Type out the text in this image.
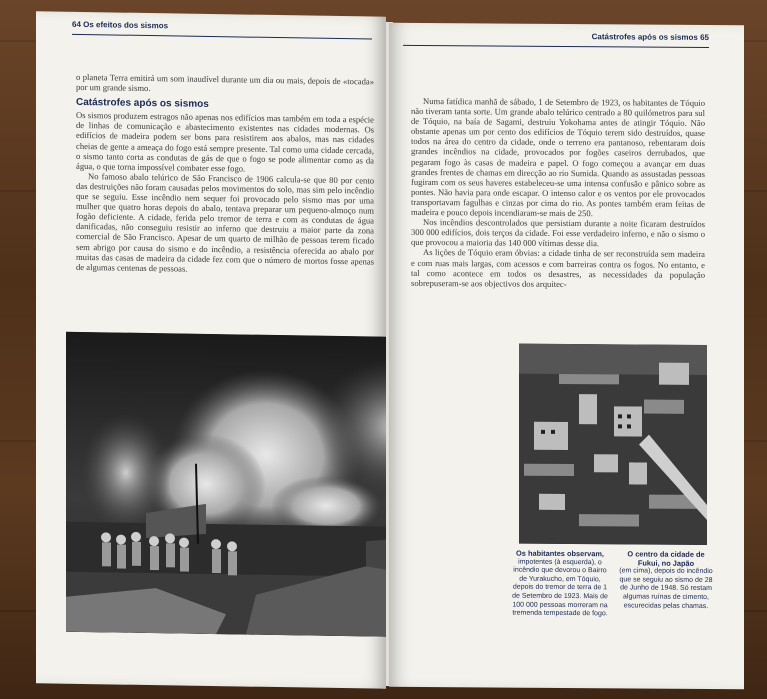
64 Os efeitos dos sismos

o planeta Terra emitirá um som inaudível durante um dia ou mais, depois de «tocada» por um grande sismo.

Catástrofes após os sismos

Os sismos produzem estragos não apenas nos edifícios mas também em toda a espécie de linhas de comunicação e abastecimento existentes nas cidades modernas. Os edifícios de madeira podem ser bons para resistirem aos abalos, mas nas cidades cheias de gente a ameaça do fogo está sempre presente. Tal como uma cidade cercada, o sismo tanto corta as condutas de gás de que o fogo se pode alimentar como as da água, o que torna impossível combater esse fogo.

No famoso abalo telúrico de São Francisco de 1906 calcula-se que 80 por cento das destruições não foram causadas pelos movimentos do solo, mas sim pelo incêndio que se seguiu. Esse incêndio nem sequer foi provocado pelo sismo mas por uma mulher que quatro horas depois do abalo, tentava preparar um pequeno-almoço num fogão deficiente. A cidade, ferida pelo tremor de terra e com as condutas de água danificadas, não conseguiu resistir ao inferno que destruiu a maior parte da zona comercial de São Francisco. Apesar de um quarto de milhão de pessoas terem ficado sem abrigo por causa do sismo e do incêndio, a resistência oferecida ao abalo por muitas das casas de madeira da cidade fez com que o número de mortos fosse apenas de algumas centenas de pessoas.

Catástrofes após os sismos 65

Numa fatídica manhã de sábado, 1 de Setembro de 1923, os habitantes de Tóquio não tiveram tanta sorte. Um grande abalo telúrico centrado a 80 quilómetros para sul de Tóquio, na baía de Sagami, destruiu Yokohama antes de atingir Tóquio. Não obstante apenas um por cento dos edifícios de Tóquio terem sido destruídos, quase todos na área do centro da cidade, onde o terreno era pantanoso, rebentaram dois grandes incêndios na cidade, provocados por fogões caseiros derrubados, que pegaram fogo às casas de madeira e papel. O fogo começou a avançar em duas grandes frentes de chamas em direcção ao rio Sumida. Quando as assustadas pessoas fugiram com os seus haveres estabeleceu-se uma intensa confusão e pânico sobre as pontes. Não havia para onde escapar. O intenso calor e os ventos por ele provocados transportavam fagulhas e cinzas por cima do rio. As pontes também eram feitas de madeira e pouco depois incendiaram-se mais de 250.

Nos incêndios descontrolados que persistiam durante a noite ficaram destruídos 300 000 edifícios, dois terços da cidade. Foi esse verdadeiro inferno, e não o sismo o que provocou a maioria das 140 000 vítimas desse dia.

As lições de Tóquio eram óbvias: a cidade tinha de ser reconstruída sem madeira e com ruas mais largas, com acessos e com barreiras contra os fogos. No entanto, e tal como acontece em todos os desastres, as necessidades da população sobrepuseram-se aos objectivos dos arquitec-

Os habitantes observam,
impotentes (à esquerda), o incêndio que devorou o Bairro de Yurakucho, em Tóquio, depois do tremor de terra de 1 de Setembro de 1923. Mais de 100 000 pessoas morreram na tremenda tempestade de fogo.
O centro da cidade de Fukui, no Japão
(em cima), depois do incêndio que se seguiu ao sismo de 28 de Junho de 1948. Só restam algumas ruínas de cimento, escurecidas pelas chamas.
